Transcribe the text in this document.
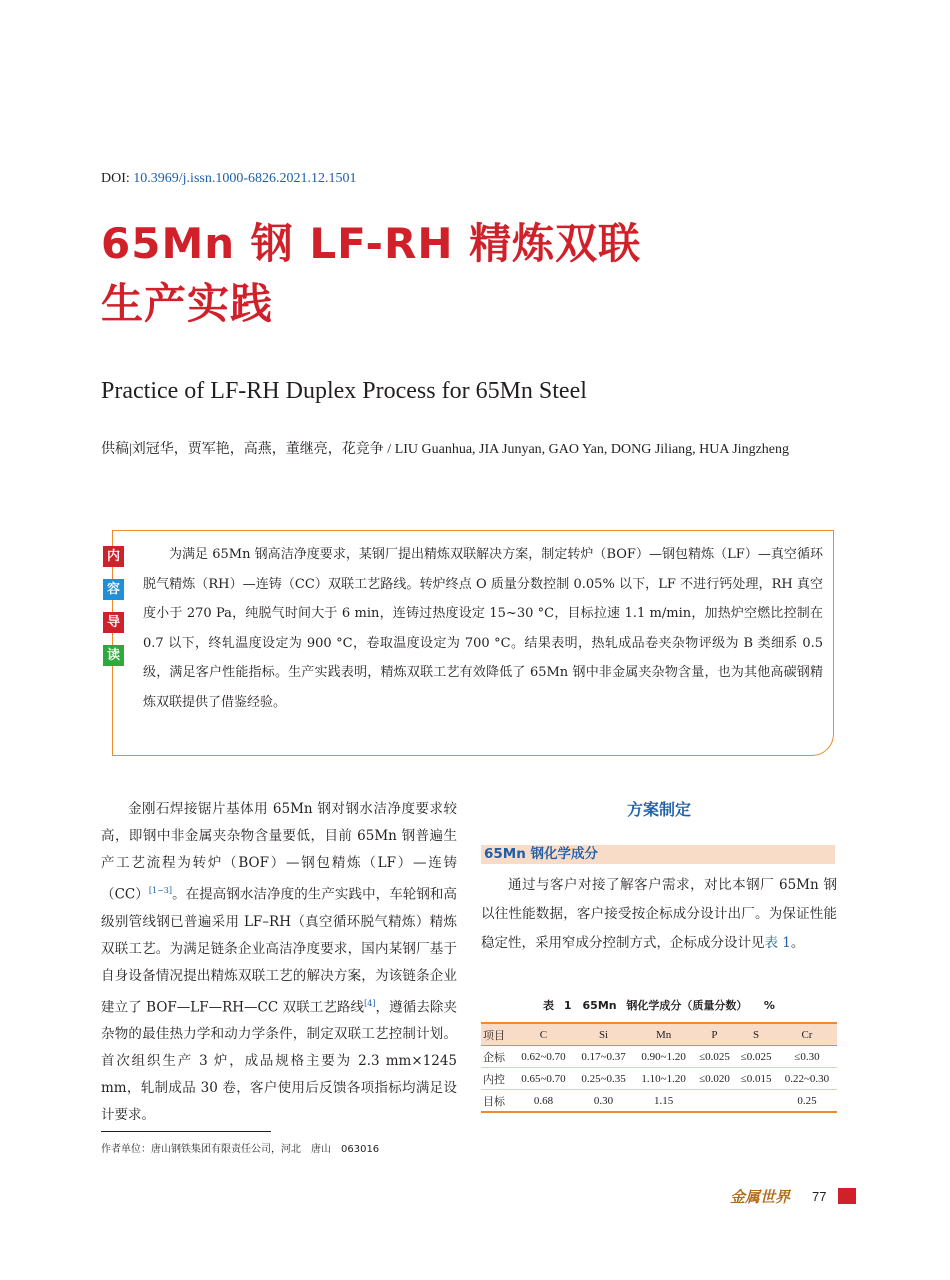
DOI: 10.3969/j.issn.1000-6826.2021.12.1501
65Mn 钢 LF-RH 精炼双联
生产实践
Practice of LF-RH Duplex Process for 65Mn Steel
供稿|刘冠华，贾军艳，高燕，董继亮，花竞争 / LIU Guanhua, JIA Junyan, GAO Yan, DONG Jiliang, HUA Jingzheng
内
容
导
读
为满足 65Mn 钢高洁净度要求，某钢厂提出精炼双联解决方案，制定转炉（BOF）—钢包精炼（LF）—真空循环脱气精炼（RH）—连铸（CC）双联工艺路线。转炉终点 O 质量分数控制 0.05% 以下，LF 不进行钙处理，RH 真空度小于 270 Pa，纯脱气时间大于 6 min，连铸过热度设定 15~30 °C，目标拉速 1.1 m/min，加热炉空燃比控制在 0.7 以下，终轧温度设定为 900 °C，卷取温度设定为 700 °C。结果表明，热轧成品卷夹杂物评级为 B 类细系 0.5 级，满足客户性能指标。生产实践表明，精炼双联工艺有效降低了 65Mn 钢中非金属夹杂物含量，也为其他高碳钢精炼双联提供了借鉴经验。
金刚石焊接锯片基体用 65Mn 钢对钢水洁净度要求较高，即钢中非金属夹杂物含量要低，目前 65Mn 钢普遍生产工艺流程为转炉（BOF）—钢包精炼（LF）—连铸（CC）[1−3]。在提高钢水洁净度的生产实践中，车轮钢和高级别管线钢已普遍采用 LF–RH（真空循环脱气精炼）精炼双联工艺。为满足链条企业高洁净度要求，国内某钢厂基于自身设备情况提出精炼双联工艺的解决方案，为该链条企业建立了 BOF—LF—RH—CC 双联工艺路线[4]，遵循去除夹杂物的最佳热力学和动力学条件，制定双联工艺控制计划。首次组织生产 3 炉，成品规格主要为 2.3 mm×1245 mm，轧制成品 30 卷，客户使用后反馈各项指标均满足设计要求。
方案制定
65Mn 钢化学成分
通过与客户对接了解客户需求，对比本钢厂 65Mn 钢以往性能数据，客户接受按企标成分设计出厂。为保证性能稳定性，采用窄成分控制方式，企标成分设计见表 1。
表 1　65Mn 钢化学成分（质量分数）　　%
项目	C	Si	Mn	P	S	Cr
企标	0.62~0.70	0.17~0.37	0.90~1.20	≤0.025	≤0.025	≤0.30
内控	0.65~0.70	0.25~0.35	1.10~1.20	≤0.020	≤0.015	0.22~0.30
目标	0.68	0.30	1.15			0.25
作者单位：唐山钢铁集团有限责任公司，河北　唐山　063016
金属世界 77
